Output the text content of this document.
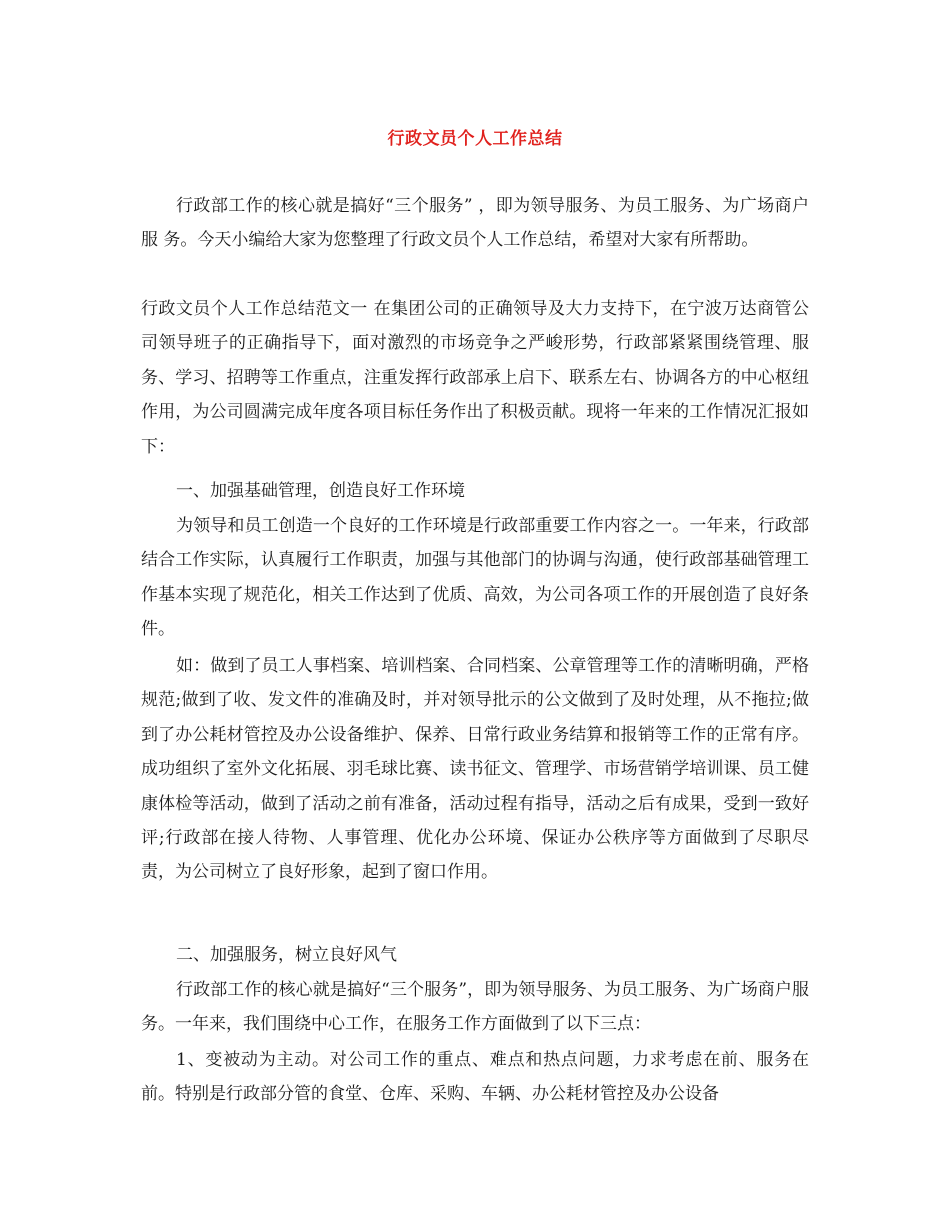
行政文员个人工作总结
行政部工作的核心就是搞好“三个服务” ，即为领导服务、为员工服务、为广场商户服 务。今天小编给大家为您整理了行政文员个人工作总结，希望对大家有所帮助。
行政文员个人工作总结范文一 在集团公司的正确领导及大力支持下，在宁波万达商管公司领导班子的正确指导下，面对激烈的市场竞争之严峻形势，行政部紧紧围绕管理、服务、学习、招聘等工作重点，注重发挥行政部承上启下、联系左右、协调各方的中心枢纽作用，为公司圆满完成年度各项目标任务作出了积极贡献。现将一年来的工作情况汇报如下：
一、加强基础管理，创造良好工作环境
为领导和员工创造一个良好的工作环境是行政部重要工作内容之一。一年来，行政部结合工作实际，认真履行工作职责，加强与其他部门的协调与沟通，使行政部基础管理工作基本实现了规范化，相关工作达到了优质、高效，为公司各项工作的开展创造了良好条件。
如：做到了员工人事档案、培训档案、合同档案、公章管理等工作的清晰明确，严格规范;做到了收、发文件的准确及时，并对领导批示的公文做到了及时处理，从不拖拉;做到了办公耗材管控及办公设备维护、保养、日常行政业务结算和报销等工作的正常有序。成功组织了室外文化拓展、羽毛球比赛、读书征文、管理学、市场营销学培训课、员工健康体检等活动，做到了活动之前有准备，活动过程有指导，活动之后有成果，受到一致好评;行政部在接人待物、人事管理、优化办公环境、保证办公秩序等方面做到了尽职尽责，为公司树立了良好形象，起到了窗口作用。
二、加强服务，树立良好风气
行政部工作的核心就是搞好“三个服务”，即为领导服务、为员工服务、为广场商户服务。一年来，我们围绕中心工作，在服务工作方面做到了以下三点：
1、变被动为主动。对公司工作的重点、难点和热点问题，力求考虑在前、服务在前。特别是行政部分管的食堂、仓库、采购、车辆、办公耗材管控及办公设备
